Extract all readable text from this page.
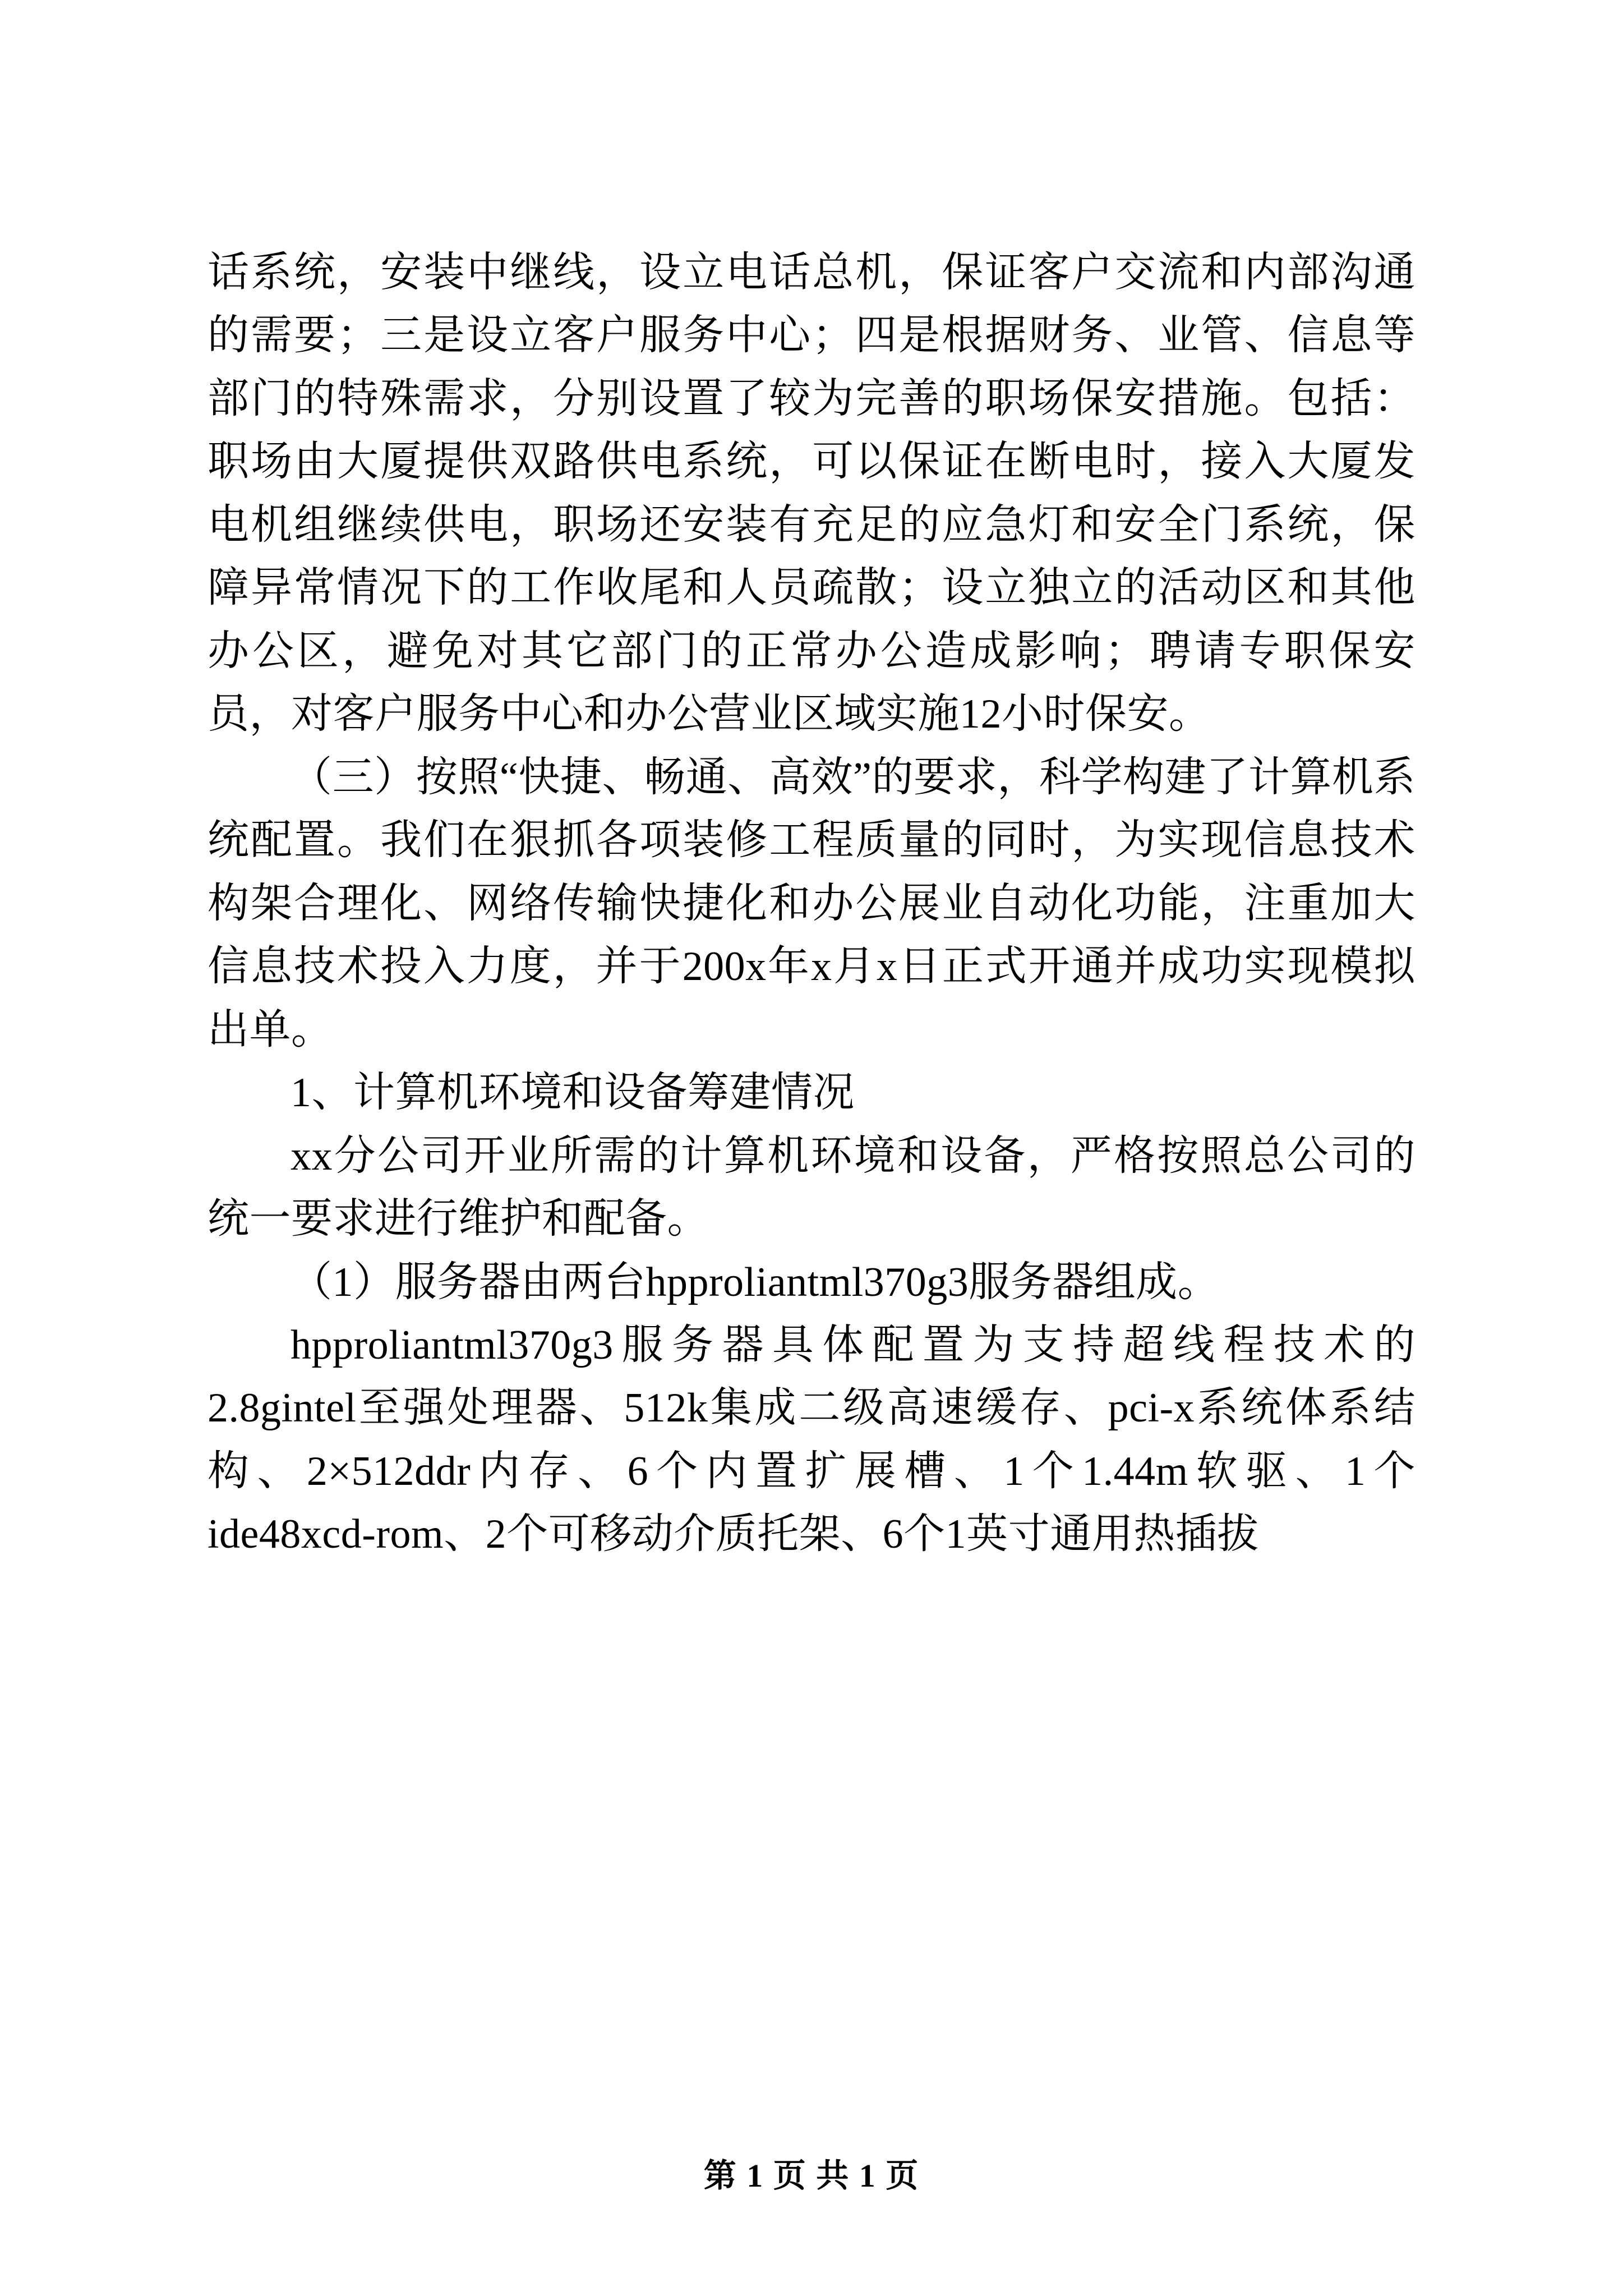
话系统，安装中继线，设立电话总机，保证客户交流和内部沟通的需要；三是设立客户服务中心；四是根据财务、业管、信息等部门的特殊需求，分别设置了较为完善的职场保安措施。包括：职场由大厦提供双路供电系统，可以保证在断电时，接入大厦发电机组继续供电，职场还安装有充足的应急灯和安全门系统，保障异常情况下的工作收尾和人员疏散；设立独立的活动区和其他办公区，避免对其它部门的正常办公造成影响；聘请专职保安员，对客户服务中心和办公营业区域实施12小时保安。

（三）按照“快捷、畅通、高效”的要求，科学构建了计算机系统配置。我们在狠抓各项装修工程质量的同时，为实现信息技术构架合理化、网络传输快捷化和办公展业自动化功能，注重加大信息技术投入力度，并于200x年x月x日正式开通并成功实现模拟出单。

1、计算机环境和设备筹建情况

xx分公司开业所需的计算机环境和设备，严格按照总公司的统一要求进行维护和配备。

（1）服务器由两台hpproliantml370g3服务器组成。

hpproliantml370g3服务器具体配置为支持超线程技术的2.8gintel至强处理器、512k集成二级高速缓存、pci-x系统体系结构、2×512ddr内存、6个内置扩展槽、1个1.44m软驱、1个ide48xcd-rom、2个可移动介质托架、6个1英寸通用热插拔

第 1 页 共 1 页
